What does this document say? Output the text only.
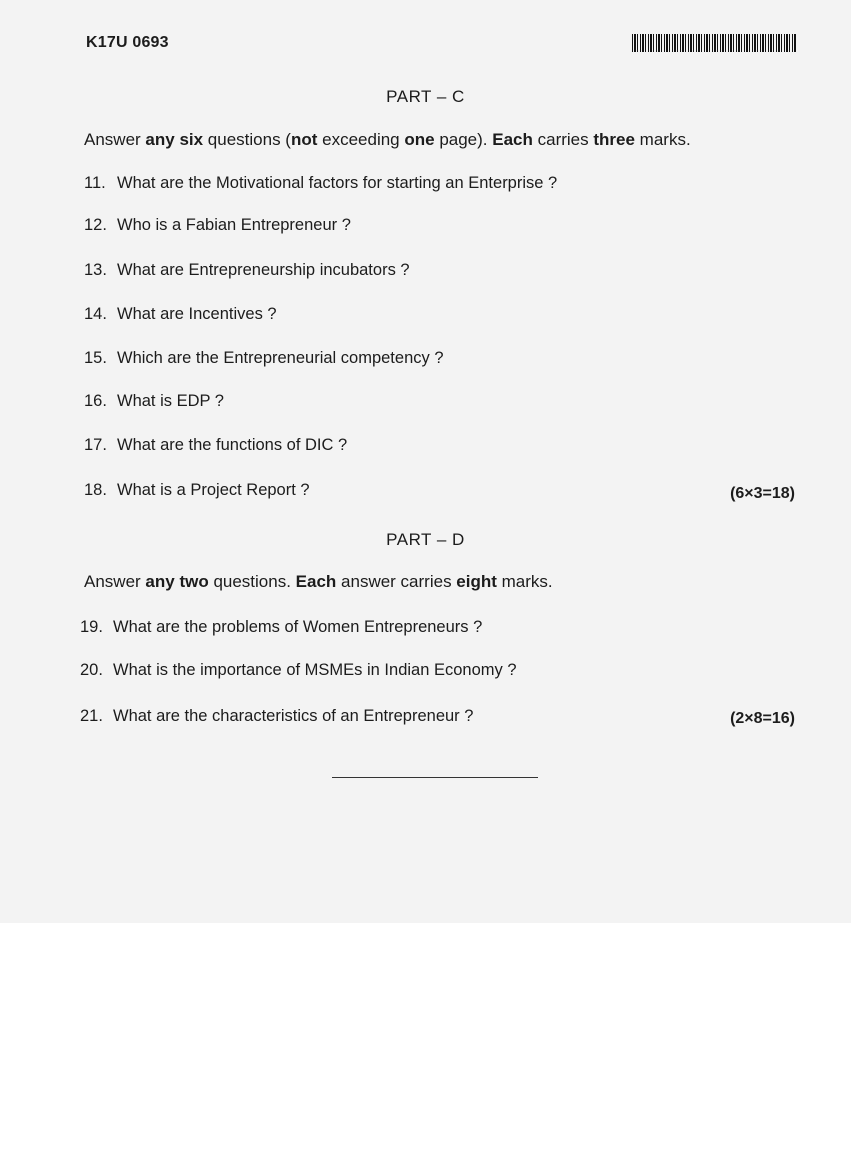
K17U 0693
PART – C
Answer any six questions (not exceeding one page). Each carries three marks.
11. What are the Motivational factors for starting an Enterprise ?
12. Who is a Fabian Entrepreneur ?
13. What are Entrepreneurship incubators ?
14. What are Incentives ?
15. Which are the Entrepreneurial competency ?
16. What is EDP ?
17. What are the functions of DIC ?
18. What is a Project Report ?	(6×3=18)
PART – D
Answer any two questions. Each answer carries eight marks.
19. What are the problems of Women Entrepreneurs ?
20. What is the importance of MSMEs in Indian Economy ?
21. What are the characteristics of an Entrepreneur ?	(2×8=16)
